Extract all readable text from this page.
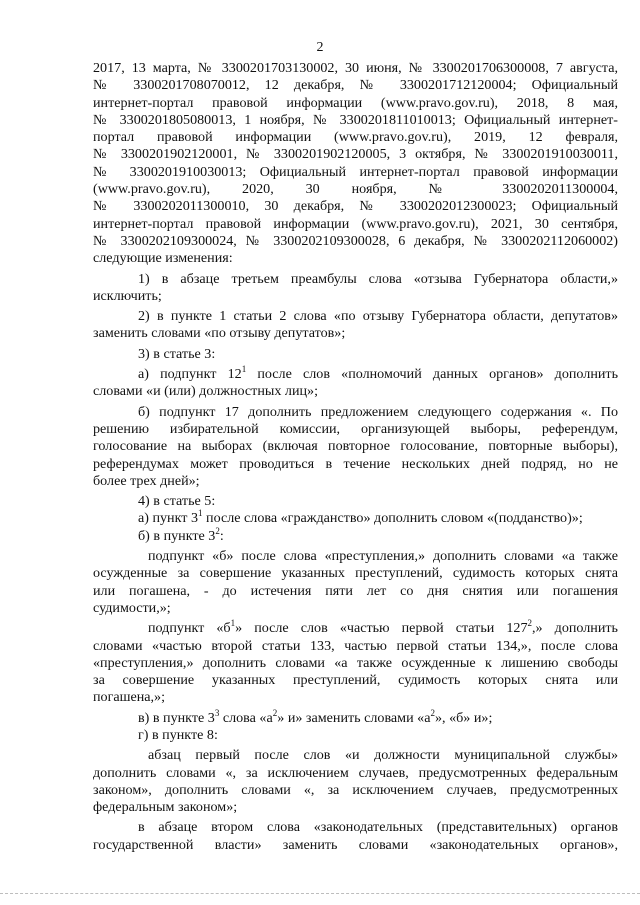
2

2017, 13 марта, № 3300201703130002, 30 июня, № 3300201706300008, 7 августа,

№ 3300201708070012, 12 декабря, № 3300201712120004; Официальный

интернет-портал правовой информации (www.pravo.gov.ru), 2018, 8 мая,

№ 3300201805080013, 1 ноября, № 3300201811010013; Официальный интернет-

портал правовой информации (www.pravo.gov.ru), 2019, 12 февраля,

№ 3300201902120001, № 3300201902120005, 3 октября, № 3300201910030011,

№ 3300201910030013; Официальный интернет-портал правовой информации

(www.pravo.gov.ru), 2020, 30 ноября, № 3300202011300004,

№ 3300202011300010, 30 декабря, № 3300202012300023; Официальный

интернет-портал правовой информации (www.pravo.gov.ru), 2021, 30 сентября,

№ 3300202109300024, № 3300202109300028, 6 декабря, № 3300202112060002)

следующие изменения:

1) в абзаце третьем преамбулы слова «отзыва Губернатора области,»

исключить;

2) в пункте 1 статьи 2 слова «по отзыву Губернатора области, депутатов»

заменить словами «по отзыву депутатов»;

3) в статье 3:

а) подпункт $12^1$ после слов «полномочий данных органов» дополнить

словами «и (или) должностных лиц»;

б) подпункт 17 дополнить предложением следующего содержания «. По

решению избирательной комиссии, организующей выборы, референдум,

голосование на выборах (включая повторное голосование, повторные выборы),

референдумах может проводиться в течение нескольких дней подряд, но не

более трех дней»;

4) в статье 5:

а) пункт $3^1$ после слова «гражданство» дополнить словом «(подданство)»;

б) в пункте $3^2$:

подпункт «б» после слова «преступления,» дополнить словами «а также

осужденные за совершение указанных преступлений, судимость которых снята

или погашена, - до истечения пяти лет со дня снятия или погашения

судимости,»;

подпункт «$б^1$» после слов «частью первой статьи $127^2$,» дополнить

словами «частью второй статьи 133, частью первой статьи 134,», после слова

«преступления,» дополнить словами «а также осужденные к лишению свободы

за совершение указанных преступлений, судимость которых снята или

погашена,»;

в) в пункте $3^3$ слова «$а^2$» и» заменить словами «$а^2$», «б» и»;

г) в пункте 8:

абзац первый после слов «и должности муниципальной службы»

дополнить словами «, за исключением случаев, предусмотренных федеральным

законом», дополнить словами «, за исключением случаев, предусмотренных

федеральным законом»;

в абзаце втором слова «законодательных (представительных) органов

государственной власти» заменить словами «законодательных органов»,
